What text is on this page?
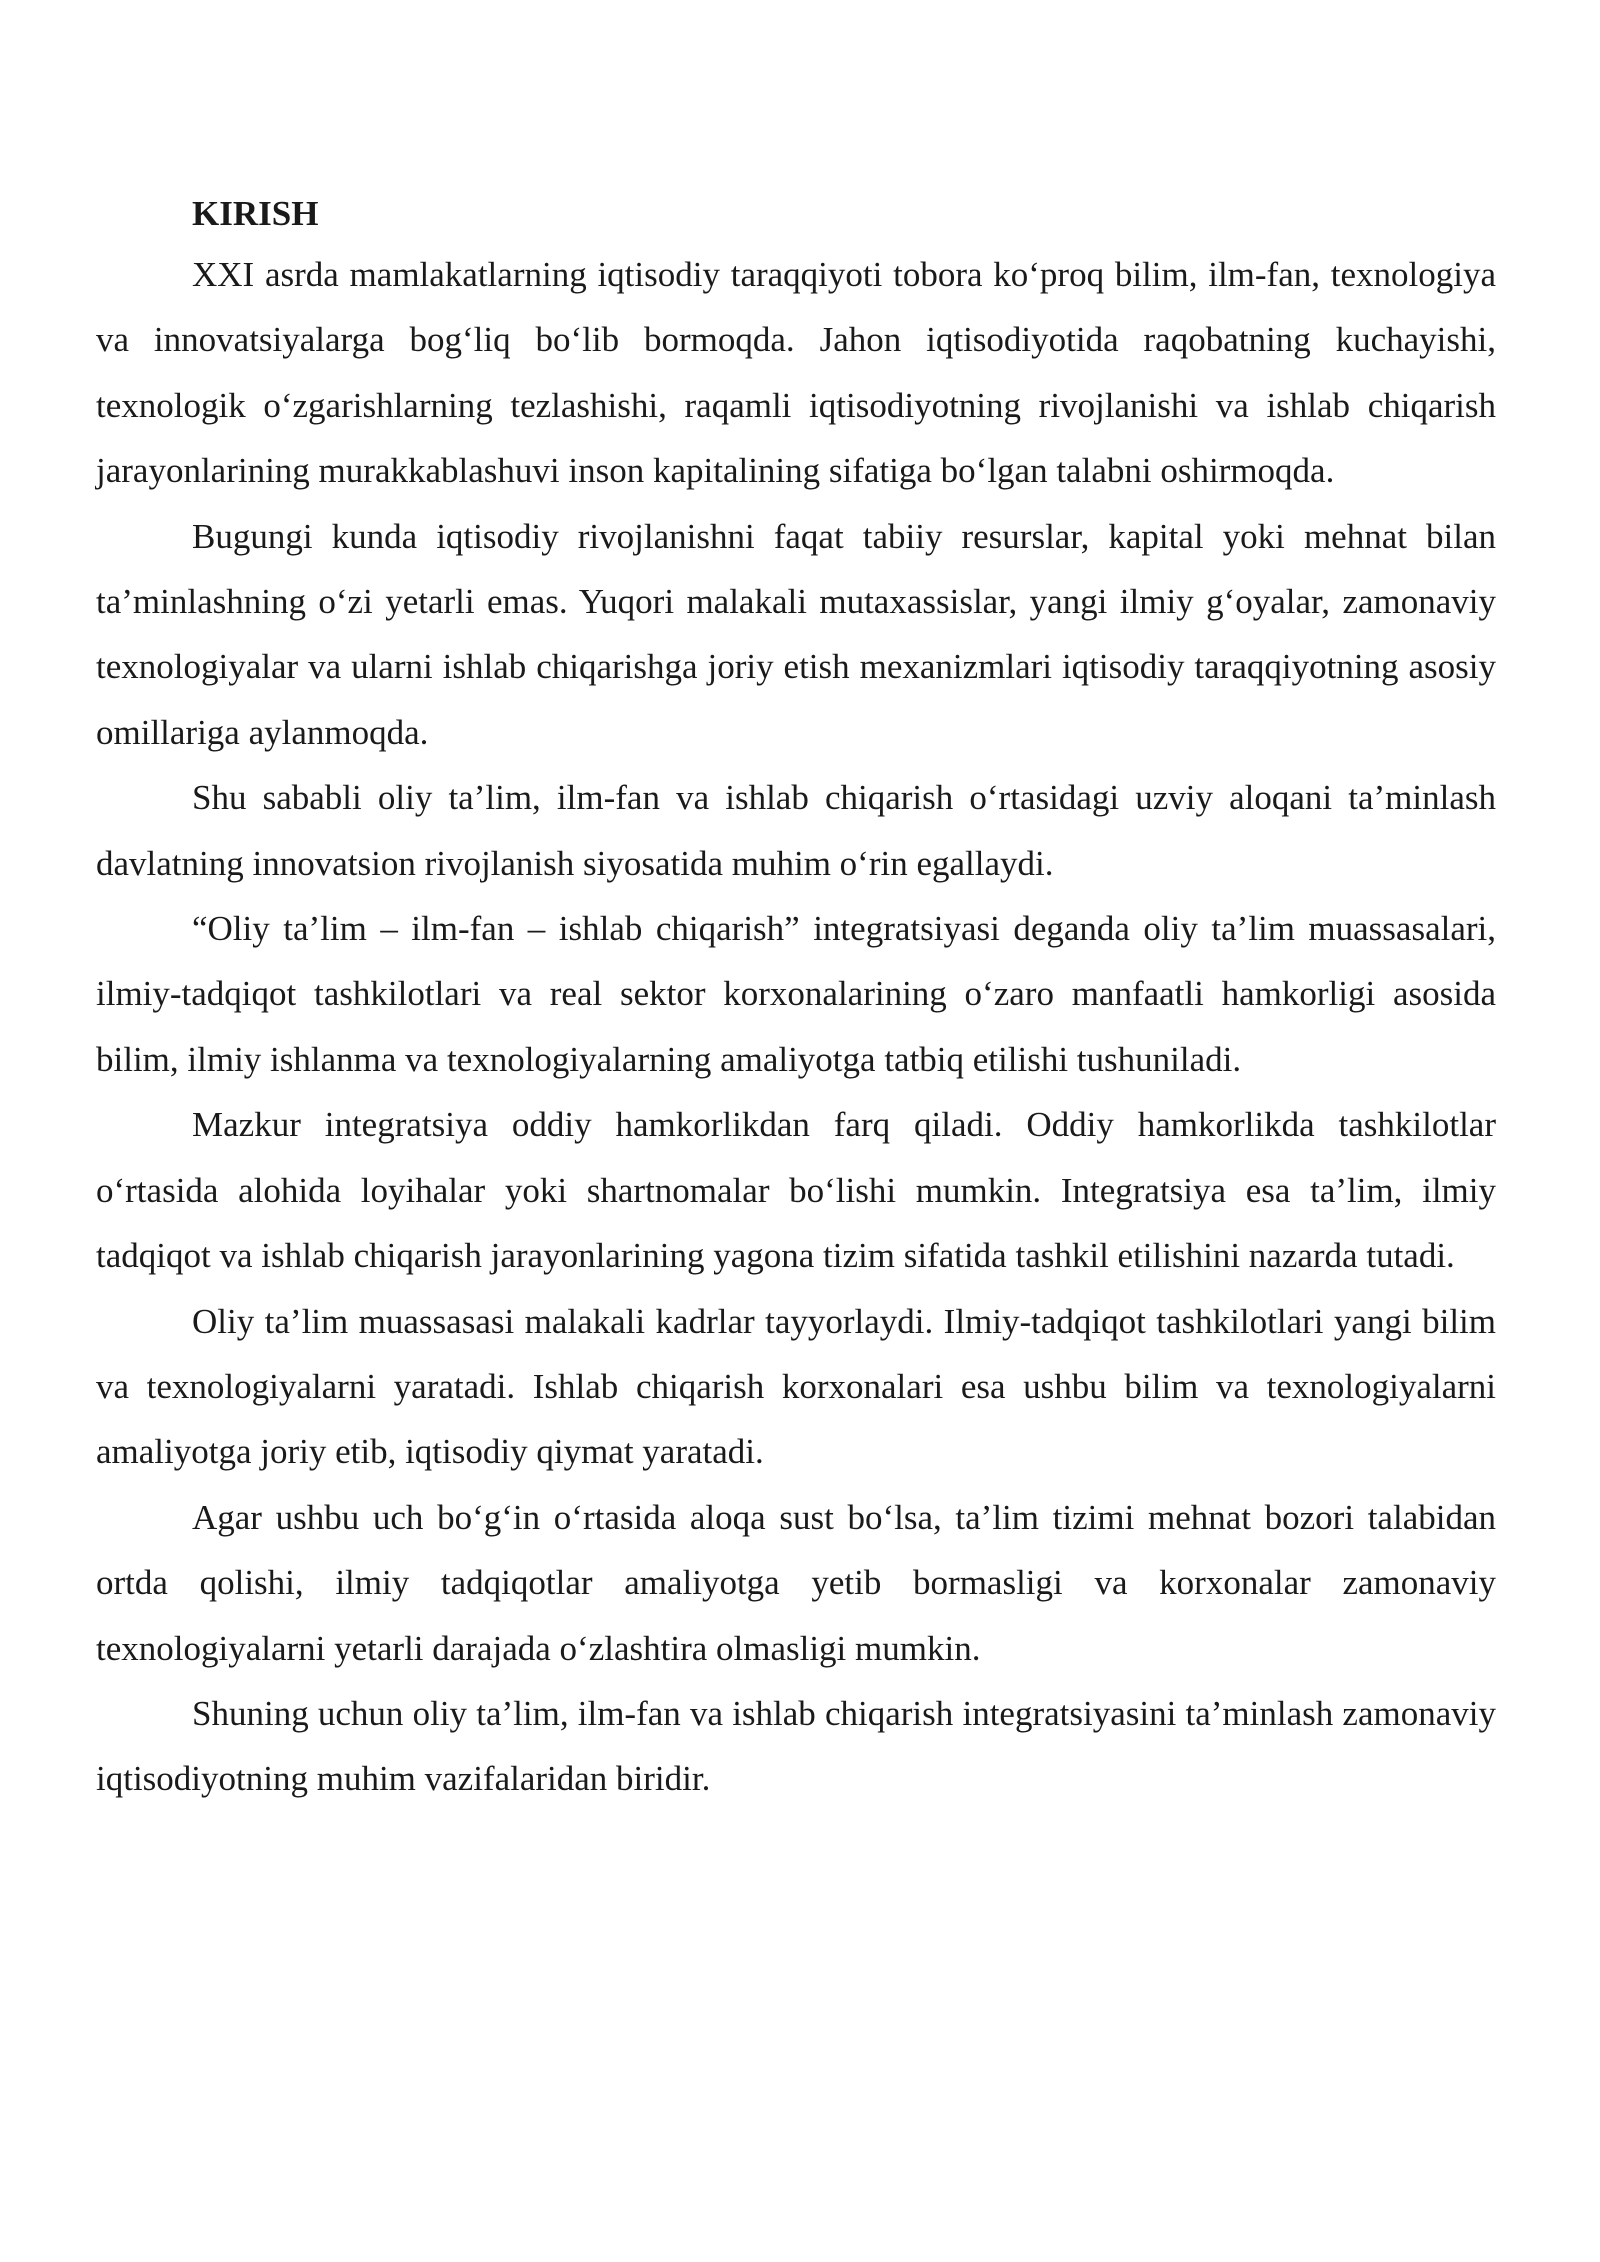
KIRISH

XXI asrda mamlakatlarning iqtisodiy taraqqiyoti tobora ko‘proq bilim, ilm-fan, texnologiya va innovatsiyalarga bog‘liq bo‘lib bormoqda. Jahon iqtisodiyotida raqobatning kuchayishi, texnologik o‘zgarishlarning tezlashishi, raqamli iqtisodiyotning rivojlanishi va ishlab chiqarish jarayonlarining murakkablashuvi inson kapitalining sifatiga bo‘lgan talabni oshirmoqda.

Bugungi kunda iqtisodiy rivojlanishni faqat tabiiy resurslar, kapital yoki mehnat bilan ta’minlashning o‘zi yetarli emas. Yuqori malakali mutaxassislar, yangi ilmiy g‘oyalar, zamonaviy texnologiyalar va ularni ishlab chiqarishga joriy etish mexanizmlari iqtisodiy taraqqiyotning asosiy omillariga aylanmoqda.

Shu sababli oliy ta’lim, ilm-fan va ishlab chiqarish o‘rtasidagi uzviy aloqani ta’minlash davlatning innovatsion rivojlanish siyosatida muhim o‘rin egallaydi.

“Oliy ta’lim – ilm-fan – ishlab chiqarish” integratsiyasi deganda oliy ta’lim muassasalari, ilmiy-tadqiqot tashkilotlari va real sektor korxonalarining o‘zaro manfaatli hamkorligi asosida bilim, ilmiy ishlanma va texnologiyalarning amaliyotga tatbiq etilishi tushuniladi.

Mazkur integratsiya oddiy hamkorlikdan farq qiladi. Oddiy hamkorlikda tashkilotlar o‘rtasida alohida loyihalar yoki shartnomalar bo‘lishi mumkin. Integratsiya esa ta’lim, ilmiy tadqiqot va ishlab chiqarish jarayonlarining yagona tizim sifatida tashkil etilishini nazarda tutadi.

Oliy ta’lim muassasasi malakali kadrlar tayyorlaydi. Ilmiy-tadqiqot tashkilotlari yangi bilim va texnologiyalarni yaratadi. Ishlab chiqarish korxonalari esa ushbu bilim va texnologiyalarni amaliyotga joriy etib, iqtisodiy qiymat yaratadi.

Agar ushbu uch bo‘g‘in o‘rtasida aloqa sust bo‘lsa, ta’lim tizimi mehnat bozori talabidan ortda qolishi, ilmiy tadqiqotlar amaliyotga yetib bormasligi va korxonalar zamonaviy texnologiyalarni yetarli darajada o‘zlashtira olmasligi mumkin.

Shuning uchun oliy ta’lim, ilm-fan va ishlab chiqarish integratsiyasini ta’minlash zamonaviy iqtisodiyotning muhim vazifalaridan biridir.
